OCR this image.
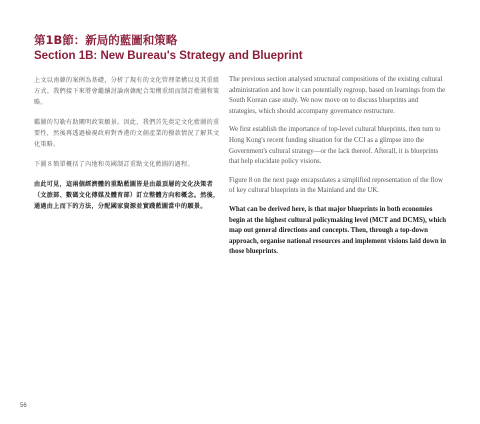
第1B節：新局的藍圖和策略
Section 1B: New Bureau's Strategy and Blueprint

上文以南韓的案例為基礎，分析了現有的文化管理架構以及其重組方式。我們接下來將會繼續討論南韓配合架構重組而制訂藍圖和策略。

鑑圖的勾勒有助闡明政策願景。因此，我們首先奠定文化藍圖的重要性，然後再透過檢視政府對香港的文創產業的撥款情況了解其文化策略。

下圖８簡單概括了內地和英國制訂重點文化藍圖的過程。

由此可見，這兩個經濟體的重點藍圖皆是由最頂層的文化決策者（文旅部、數碼文化傳媒及體育部）訂立整體方向和概念。然後，通過由上而下的方法，分配國家資源並實踐藍圖當中的願景。

The previous section analysed structural compositions of the existing cultural administration and how it can potentially regroup, based on learnings from the South Korean case study. We now move on to discuss blueprints and strategies, which should accompany governance restructure.

We first establish the importance of top-level cultural blueprints, then turn to Hong Kong's recent funding situation for the CCI as a glimpse into the Government's cultural strategy—or the lack thereof. Afterall, it is blueprints that help elucidate policy visions.

Figure 8 on the next page encapsulates a simplified representation of the flow of key cultural blueprints in the Mainland and the UK.

What can be derived here, is that major blueprints in both economies begin at the highest cultural policymaking level (MCT and DCMS), which map out general directions and concepts. Then, through a top-down approach, organise national resources and implement visions laid down in those blueprints.

56
